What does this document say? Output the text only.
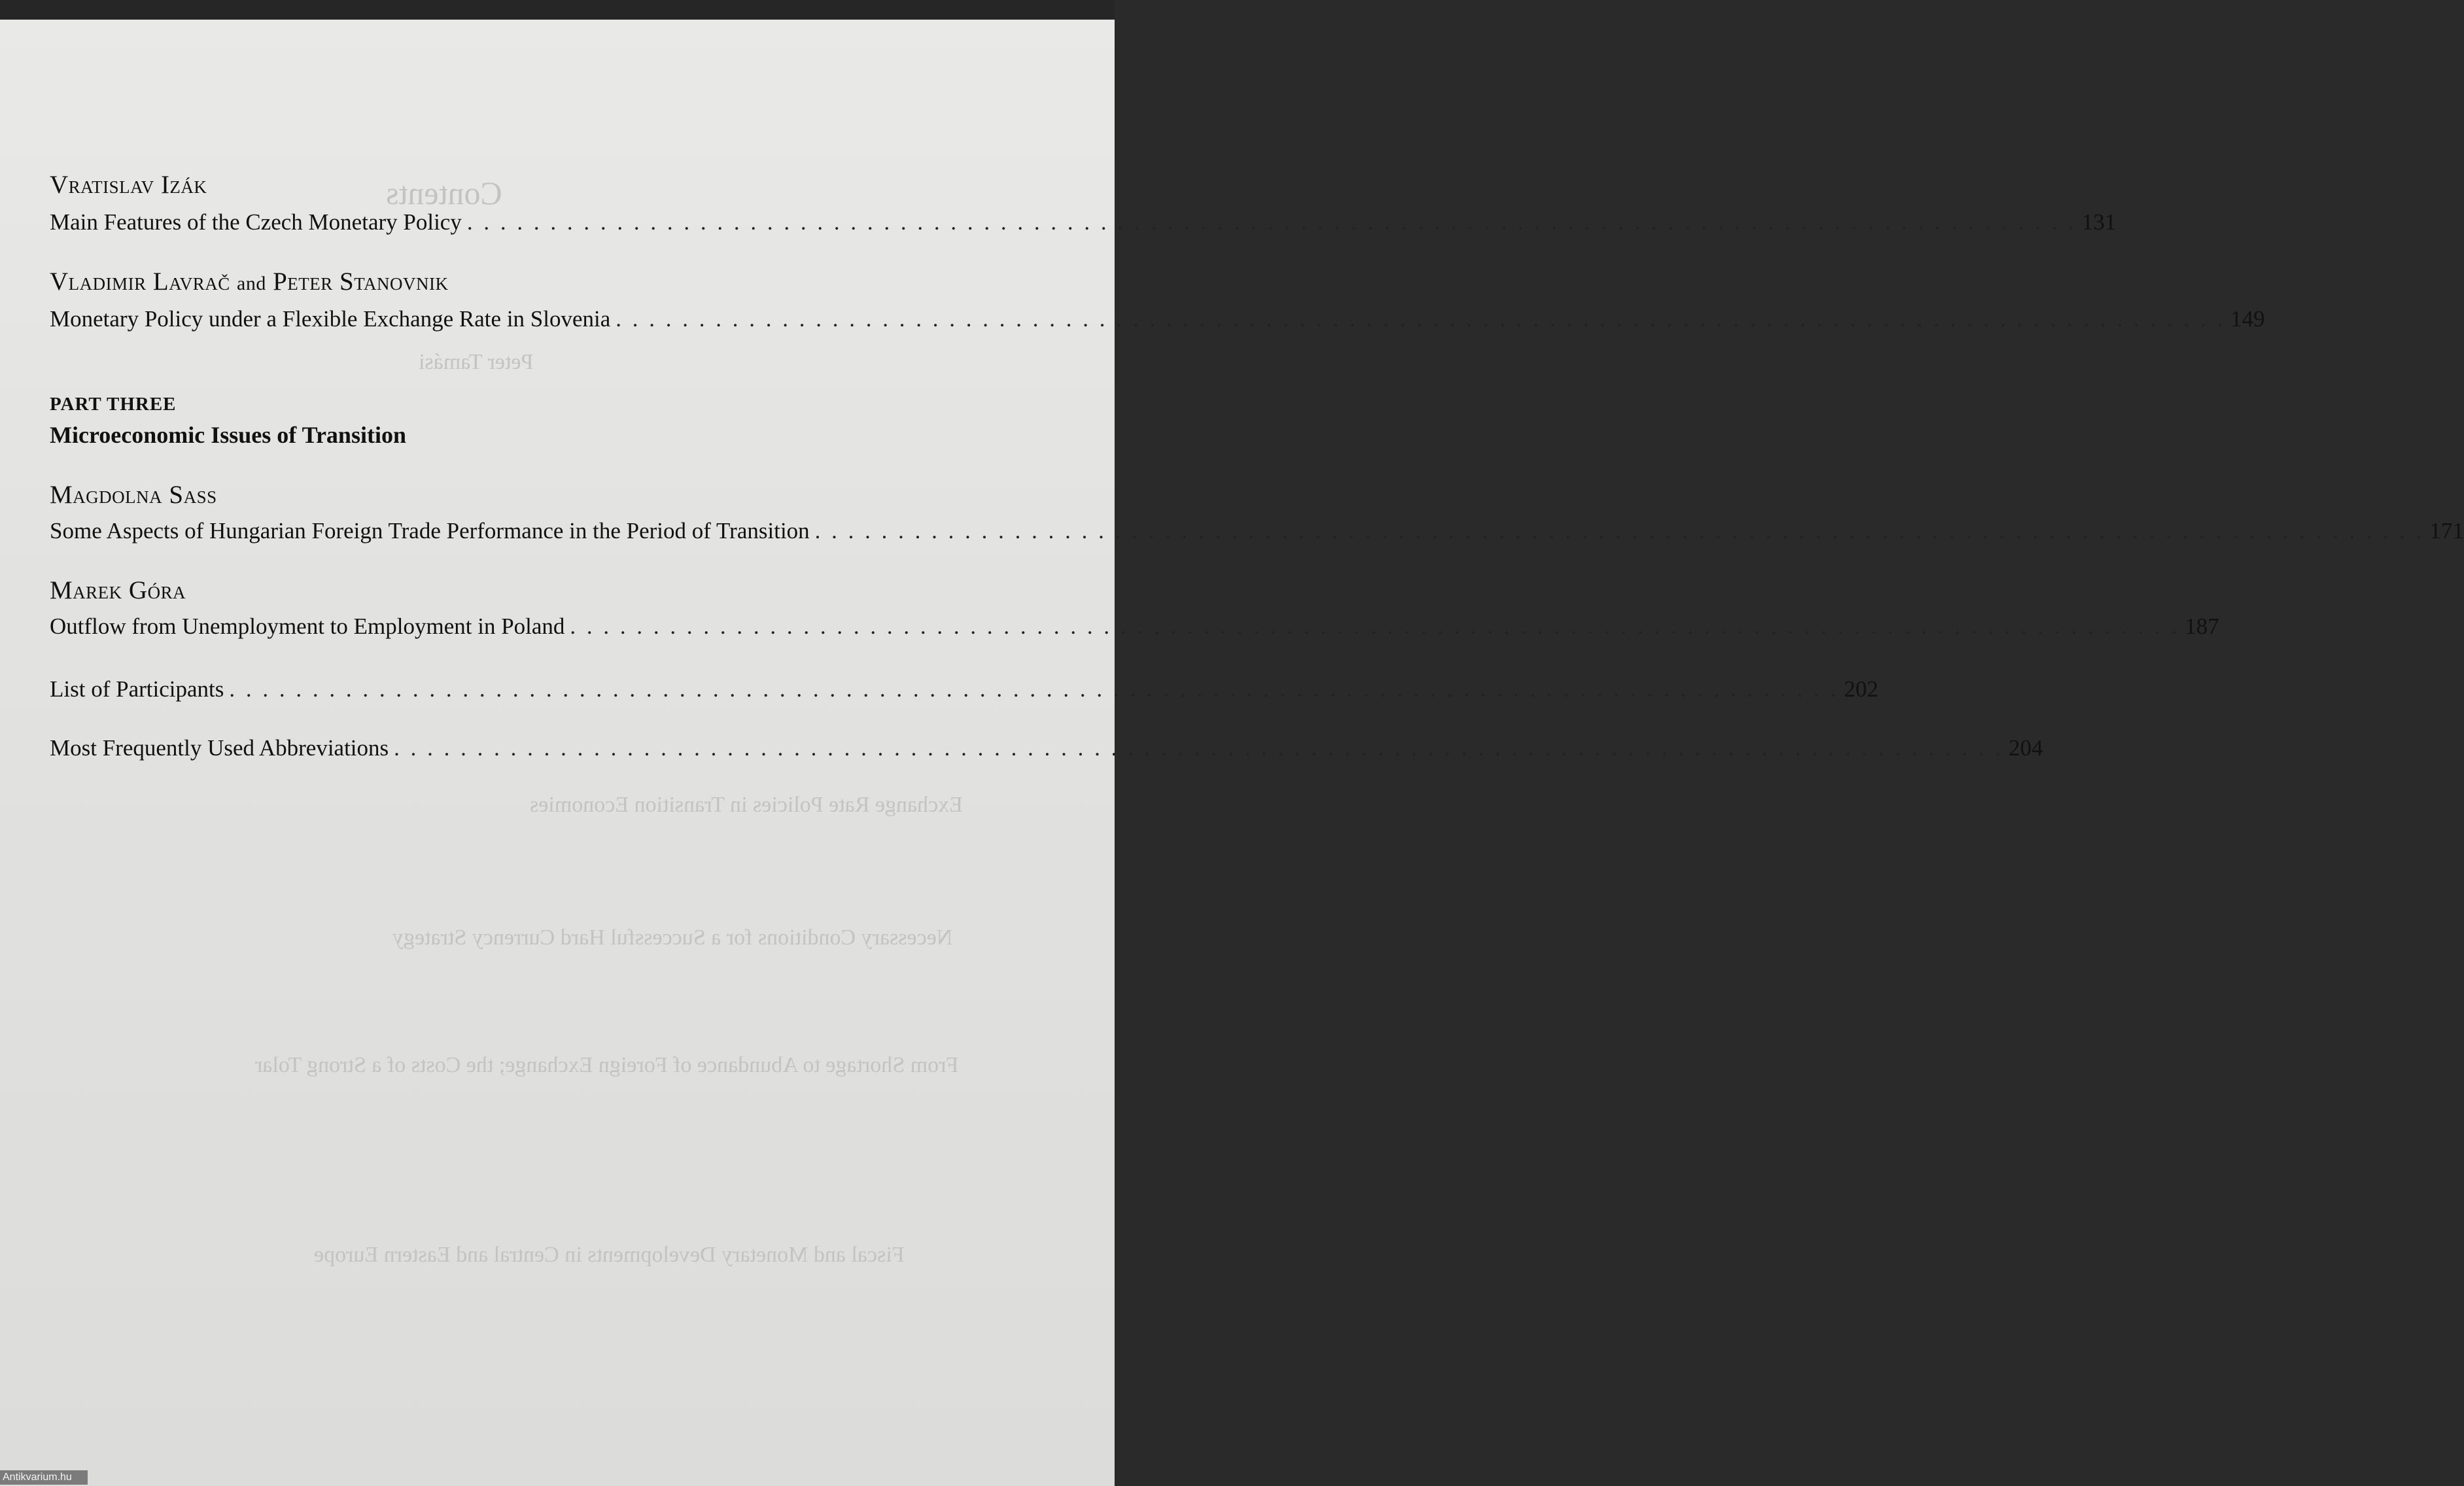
Contents
Peter Tamási
Exchange Rate Policies in Transition Economies
Necessary Conditions for a Successful Hard Currency Strategy
From Shortage to Abundance of Foreign Exchange; the Costs of a Strong Tolar
Fiscal and Monetary Developments in Central and Eastern Europe
Vratislav Izák
Main Features of the Czech Monetary Policy . . . . . . . . . . . . . . . . . . . . . . . . . . . . . . . . . . . . . . . . . . . . . . . . . . . . . . . . . . . . . . . . . . . . . . . . . . . . . . . . . . . . . . . . . . . . . . . . . 131
Vladimir Lavrač and Peter Stanovnik
Monetary Policy under a Flexible Exchange Rate in Slovenia . . . . . . . . . . . . . . . . . . . . . . . . . . . . . . . . . . . . . . . . . . . . . . . . . . . . . . . . . . . . . . . . . . . . . . . . . . . . . . . . . . . . . . . . . . . . . . . . . 149
PART THREE
Microeconomic Issues of Transition
Magdolna Sass
Some Aspects of Hungarian Foreign Trade Performance in the Period of Transition . . . . . . . . . . . . . . . . . . . . . . . . . . . . . . . . . . . . . . . . . . . . . . . . . . . . . . . . . . . . . . . . . . . . . . . . . . . . . . . . . . . . . . . . . . . . . . . . . 171
Marek Góra
Outflow from Unemployment to Employment in Poland . . . . . . . . . . . . . . . . . . . . . . . . . . . . . . . . . . . . . . . . . . . . . . . . . . . . . . . . . . . . . . . . . . . . . . . . . . . . . . . . . . . . . . . . . . . . . . . . . 187
List of Participants . . . . . . . . . . . . . . . . . . . . . . . . . . . . . . . . . . . . . . . . . . . . . . . . . . . . . . . . . . . . . . . . . . . . . . . . . . . . . . . . . . . . . . . . . . . . . . . . . 202
Most Frequently Used Abbreviations . . . . . . . . . . . . . . . . . . . . . . . . . . . . . . . . . . . . . . . . . . . . . . . . . . . . . . . . . . . . . . . . . . . . . . . . . . . . . . . . . . . . . . . . . . . . . . . . . 204
Antikvarium.hu
